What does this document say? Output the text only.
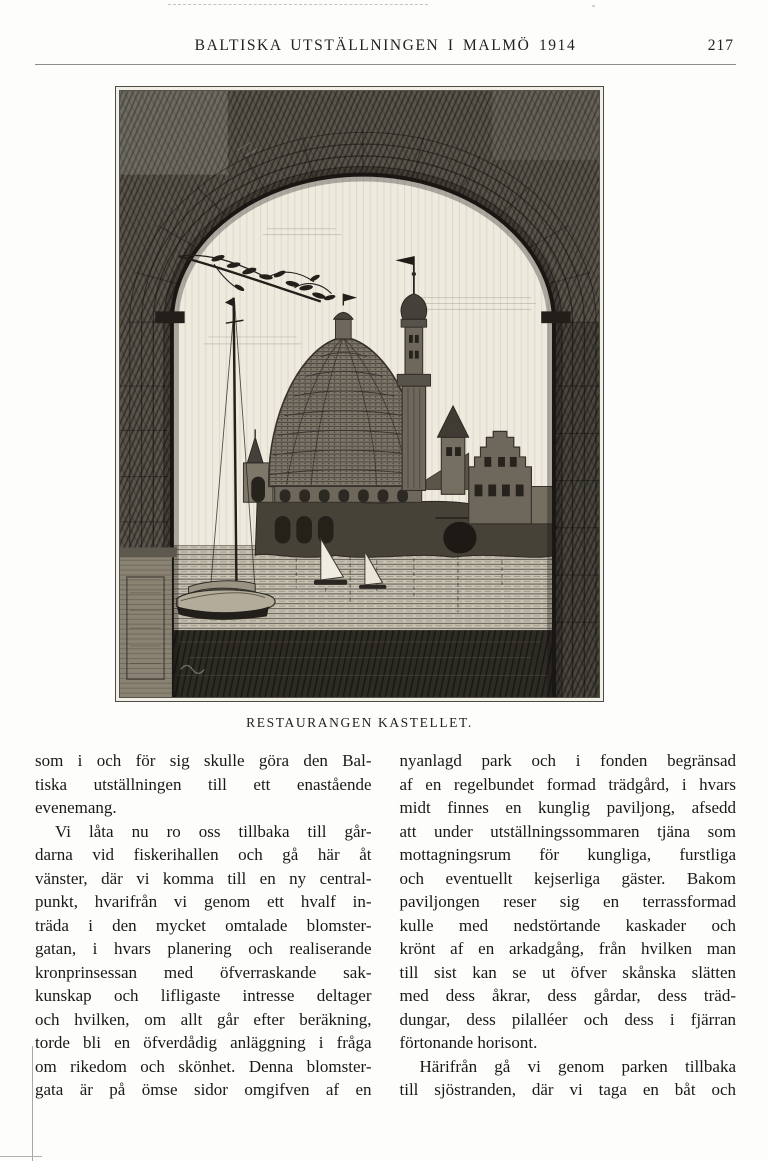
BALTISKA UTSTÄLLNINGEN I MALMÖ 1914	217
RESTAURANGEN KASTELLET.
som i och för sig skulle göra den Bal-
tiska utställningen till ett enastående
evenemang.
Vi låta nu ro oss tillbaka till går-
darna vid fiskerihallen och gå här åt
vänster, där vi komma till en ny central-
punkt, hvarifrån vi genom ett hvalf in-
träda i den mycket omtalade blomster-
gatan, i hvars planering och realiserande
kronprinsessan med öfverraskande sak-
kunskap och lifligaste intresse deltager
och hvilken, om allt går efter beräkning,
torde bli en öfverdådig anläggning i fråga
om rikedom och skönhet. Denna blomster-
gata är på ömse sidor omgifven af en
nyanlagd park och i fonden begränsad
af en regelbundet formad trädgård, i hvars
midt finnes en kunglig paviljong, afsedd
att under utställningssommaren tjäna som
mottagningsrum för kungliga, furstliga
och eventuellt kejserliga gäster. Bakom
paviljongen reser sig en terrassformad
kulle med nedstörtande kaskader och
krönt af en arkadgång, från hvilken man
till sist kan se ut öfver skånska slätten
med dess åkrar, dess gårdar, dess träd-
dungar, dess pilalléer och dess i fjärran
förtonande horisont.
Härifrån gå vi genom parken tillbaka
till sjöstranden, där vi taga en båt och
